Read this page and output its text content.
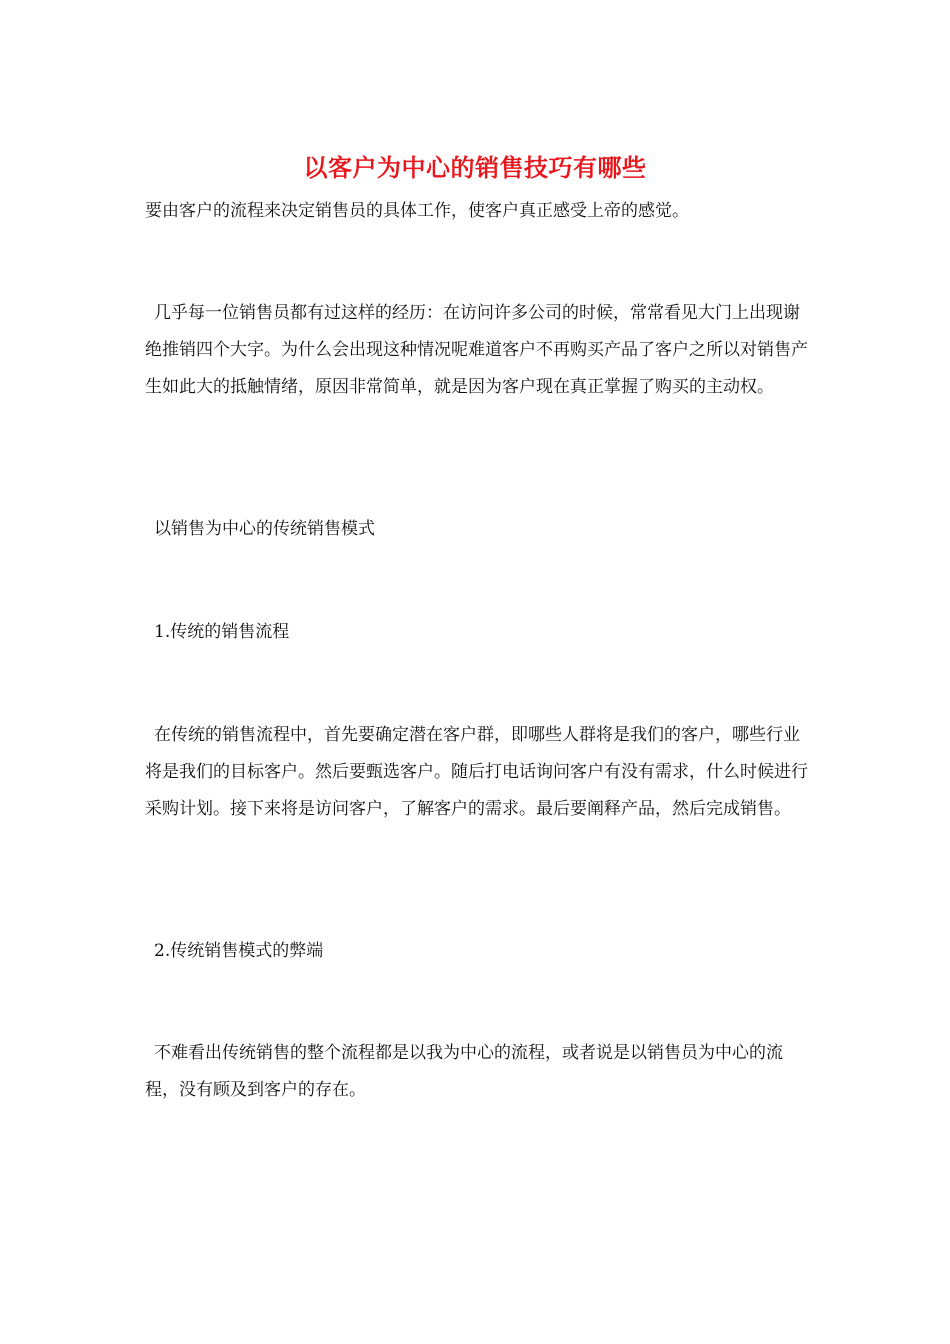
以客户为中心的销售技巧有哪些

要由客户的流程来决定销售员的具体工作，使客户真正感受上帝的感觉。

几乎每一位销售员都有过这样的经历：在访问许多公司的时候，常常看见大门上出现谢绝推销四个大字。为什么会出现这种情况呢难道客户不再购买产品了客户之所以对销售产生如此大的抵触情绪，原因非常简单，就是因为客户现在真正掌握了购买的主动权。

以销售为中心的传统销售模式

1.传统的销售流程

在传统的销售流程中，首先要确定潜在客户群，即哪些人群将是我们的客户，哪些行业将是我们的目标客户。然后要甄选客户。随后打电话询问客户有没有需求，什么时候进行采购计划。接下来将是访问客户，了解客户的需求。最后要阐释产品，然后完成销售。

2.传统销售模式的弊端

不难看出传统销售的整个流程都是以我为中心的流程，或者说是以销售员为中心的流程，没有顾及到客户的存在。
